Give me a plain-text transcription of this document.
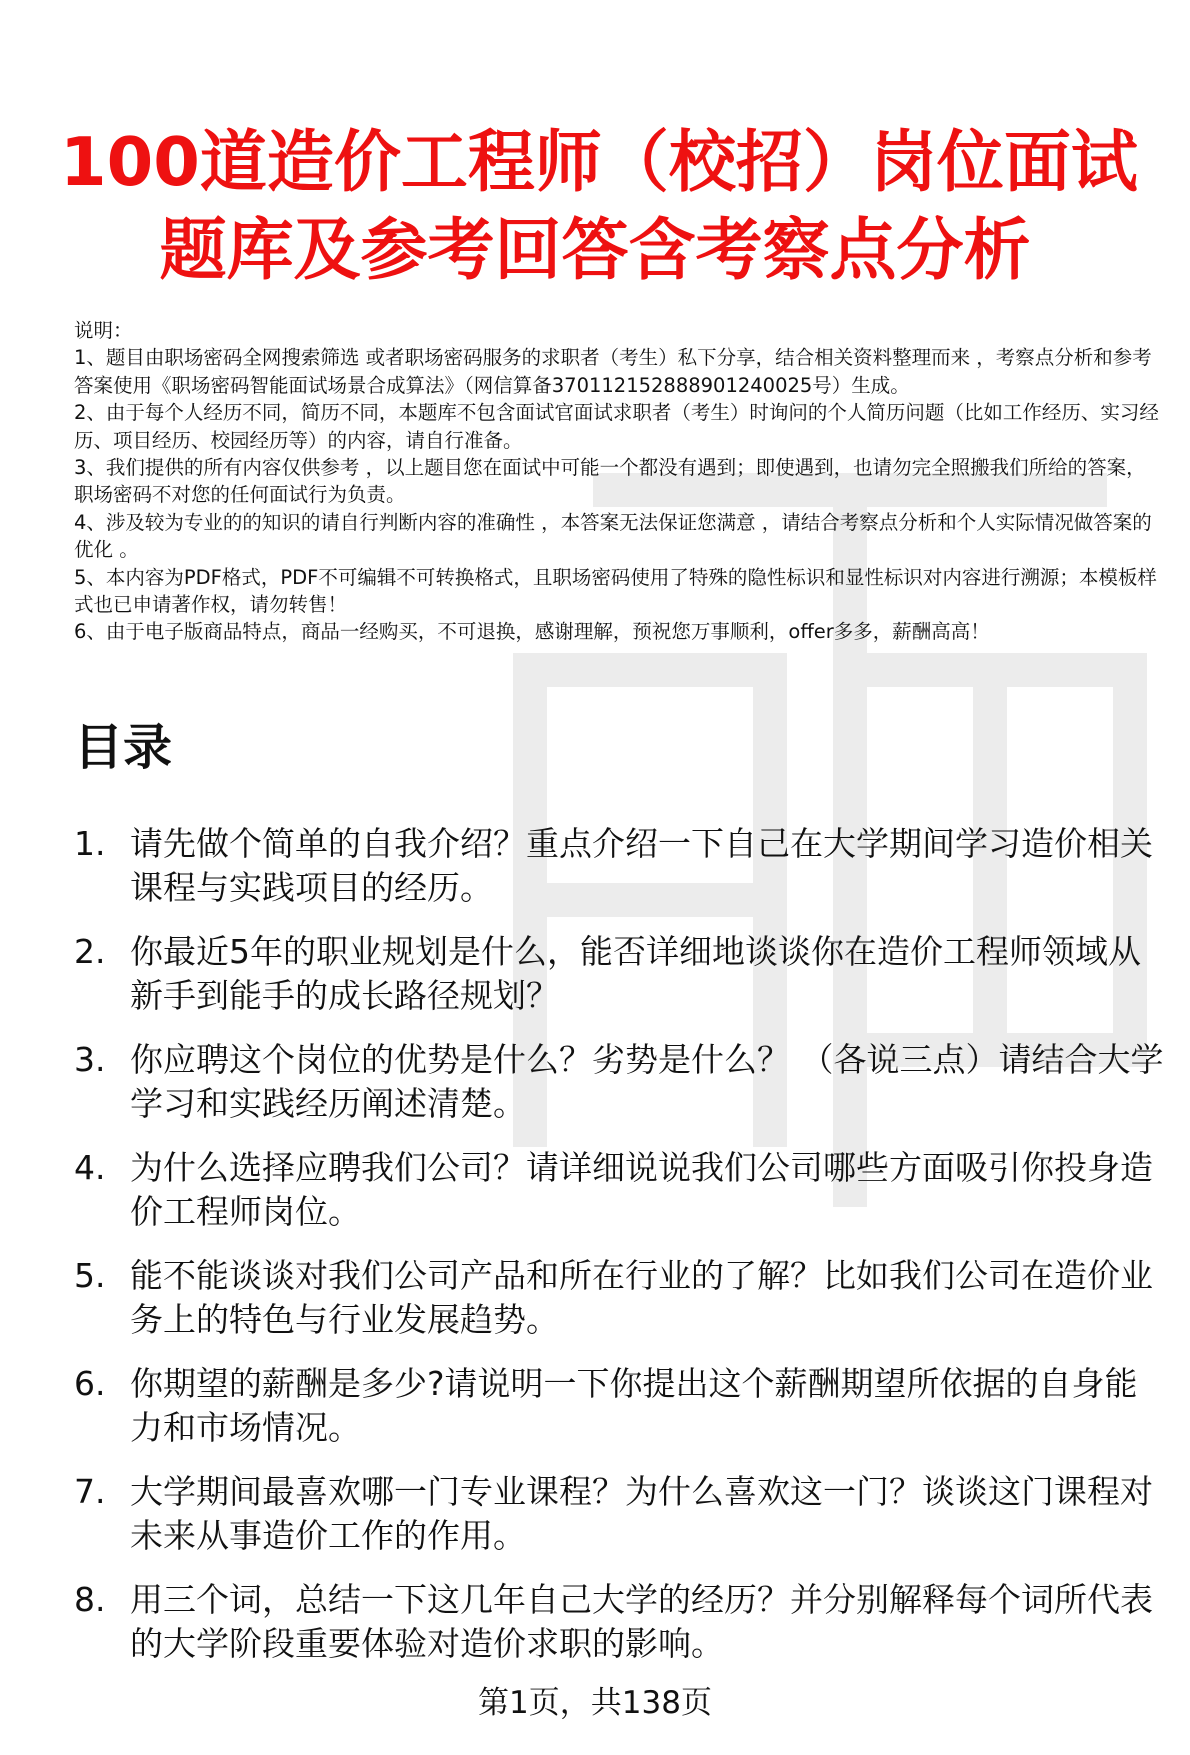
100道造价工程师（校招）岗位面试
题库及参考回答含考察点分析

说明：

1、题目由职场密码全网搜索筛选 或者职场密码服务的求职者（考生）私下分享，结合相关资料整理而来 ，考察点分析和参考答案使用《职场密码智能面试场景合成算法》（网信算备370112152888901240025号）生成。

2、由于每个人经历不同，简历不同，本题库不包含面试官面试求职者（考生）时询问的个人简历问题（比如工作经历、实习经历、项目经历、校园经历等）的内容，请自行准备。

3、我们提供的所有内容仅供参考 ，以上题目您在面试中可能一个都没有遇到；即使遇到，也请勿完全照搬我们所给的答案，职场密码不对您的任何面试行为负责。

4、涉及较为专业的的知识的请自行判断内容的准确性 ，本答案无法保证您满意 ，请结合考察点分析和个人实际情况做答案的优化 。

5、本内容为PDF格式，PDF不可编辑不可转换格式，且职场密码使用了特殊的隐性标识和显性标识对内容进行溯源；本模板样式也已申请著作权，请勿转售！

6、由于电子版商品特点，商品一经购买，不可退换，感谢理解，预祝您万事顺利，offer多多，薪酬高高！

目录
1. 请先做个简单的自我介绍？重点介绍一下自己在大学期间学习造价相关课程与实践项目的经历。
2. 你最近5年的职业规划是什么，能否详细地谈谈你在造价工程师领域从新手到能手的成长路径规划？
3. 你应聘这个岗位的优势是什么？劣势是什么？ （各说三点）请结合大学学习和实践经历阐述清楚。
4. 为什么选择应聘我们公司？请详细说说我们公司哪些方面吸引你投身造价工程师岗位。
5. 能不能谈谈对我们公司产品和所在行业的了解？比如我们公司在造价业务上的特色与行业发展趋势。
6. 你期望的薪酬是多少?请说明一下你提出这个薪酬期望所依据的自身能力和市场情况。
7. 大学期间最喜欢哪一门专业课程？为什么喜欢这一门？谈谈这门课程对未来从事造价工作的作用。
8. 用三个词，总结一下这几年自己大学的经历？并分别解释每个词所代表的大学阶段重要体验对造价求职的影响。
第1页，共138页
